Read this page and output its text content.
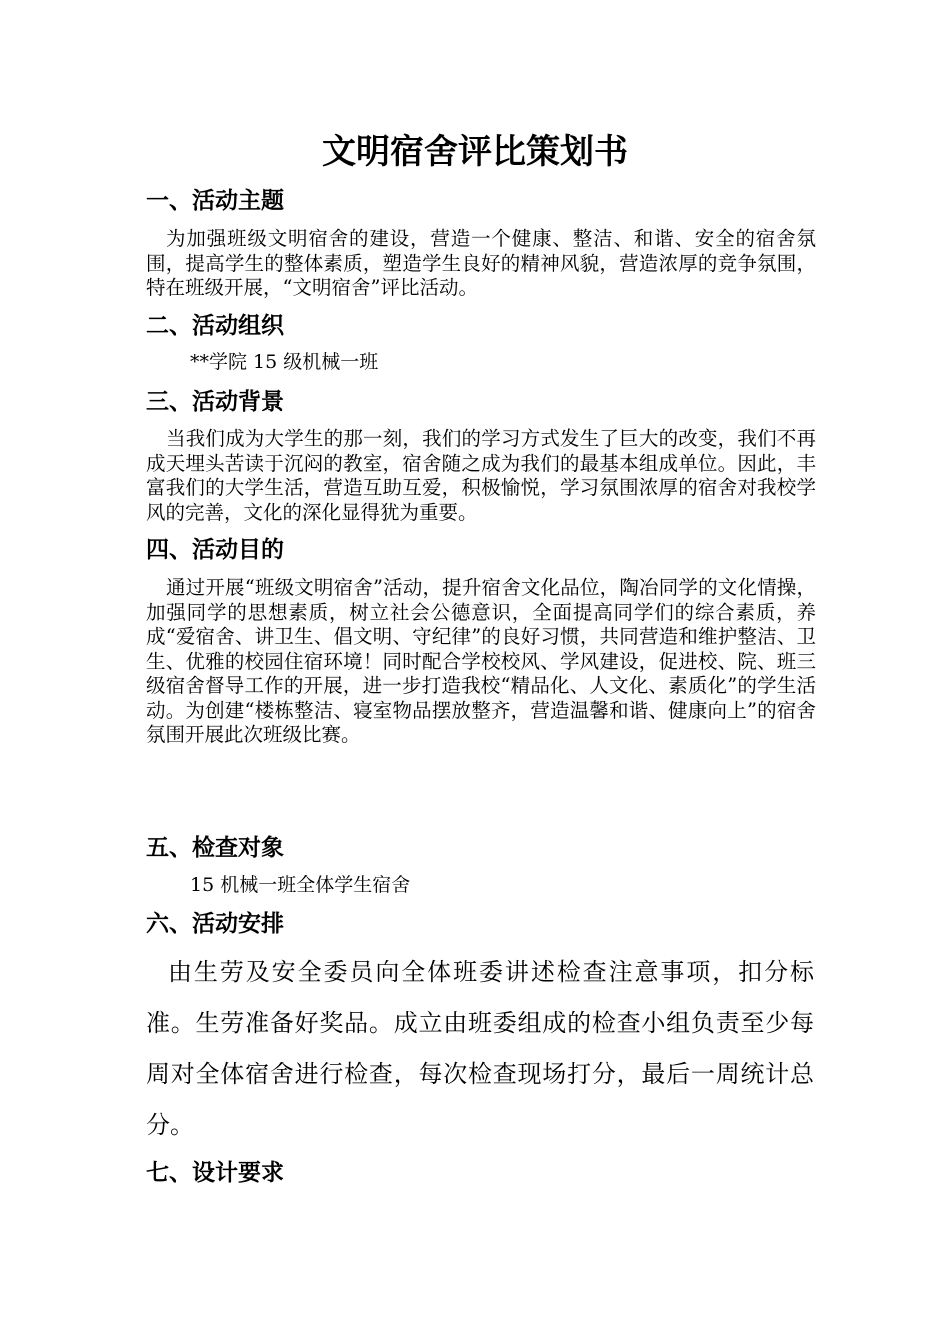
文明宿舍评比策划书
一、活动主题
为加强班级文明宿舍的建设，营造一个健康、整洁、和谐、安全的宿舍氛围，提高学生的整体素质，塑造学生良好的精神风貌，营造浓厚的竞争氛围，特在班级开展，“文明宿舍”评比活动。
二、活动组织
**学院 15 级机械一班
三、活动背景
当我们成为大学生的那一刻，我们的学习方式发生了巨大的改变，我们不再成天埋头苦读于沉闷的教室，宿舍随之成为我们的最基本组成单位。因此，丰富我们的大学生活，营造互助互爱，积极愉悦，学习氛围浓厚的宿舍对我校学风的完善，文化的深化显得犹为重要。
四、活动目的
通过开展“班级文明宿舍”活动，提升宿舍文化品位，陶冶同学的文化情操，加强同学的思想素质，树立社会公德意识，全面提高同学们的综合素质，养成“爱宿舍、讲卫生、倡文明、守纪律”的良好习惯，共同营造和维护整洁、卫生、优雅的校园住宿环境！同时配合学校校风、学风建设，促进校、院、班三级宿舍督导工作的开展，进一步打造我校“精品化、人文化、素质化”的学生活动。为创建“楼栋整洁、寝室物品摆放整齐，营造温馨和谐、健康向上”的宿舍氛围开展此次班级比赛。
五、检查对象
15 机械一班全体学生宿舍
六、活动安排
由生劳及安全委员向全体班委讲述检查注意事项，扣分标准。生劳准备好奖品。成立由班委组成的检查小组负责至少每周对全体宿舍进行检查，每次检查现场打分，最后一周统计总分。
七、设计要求
